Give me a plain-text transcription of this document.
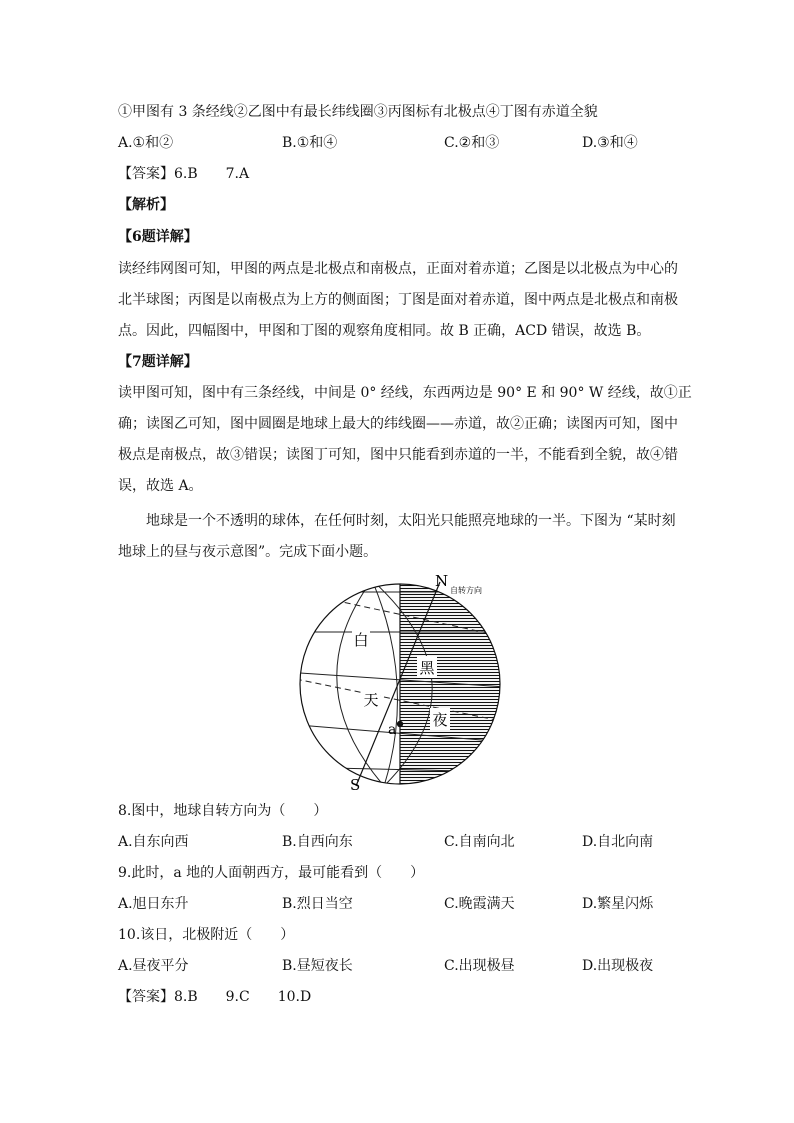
①甲图有 3 条经线②乙图中有最长纬线圈③丙图标有北极点④丁图有赤道全貌
A.①和②	B.①和④	C.②和③	D.③和④
【答案】6.B　　7.A
【解析】
【6题详解】
读经纬网图可知，甲图的两点是北极点和南极点，正面对着赤道；乙图是以北极点为中心的
北半球图；丙图是以南极点为上方的侧面图；丁图是面对着赤道，图中两点是北极点和南极
点。因此，四幅图中，甲图和丁图的观察角度相同。故 B 正确，ACD 错误，故选 B。
【7题详解】
读甲图可知，图中有三条经线，中间是 0° 经线，东西两边是 90° E 和 90° W 经线，故①正
确；读图乙可知，图中圆圈是地球上最大的纬线圈——赤道，故②正确；读图丙可知，图中
极点是南极点，故③错误；读图丁可知，图中只能看到赤道的一半，不能看到全貌，故④错
误，故选 A。
　　地球是一个不透明的球体，在任何时刻，太阳光只能照亮地球的一半。下图为 “某时刻
地球上的昼与夜示意图”。完成下面小题。
白
天
黑
夜
a
N
自转方向
S
8.图中，地球自转方向为（　　）
A.自东向西	B.自西向东	C.自南向北	D.自北向南
9.此时，a 地的人面朝西方，最可能看到（　　）
A.旭日东升	B.烈日当空	C.晚霞满天	D.繁星闪烁
10.该日，北极附近（　　）
A.昼夜平分	B.昼短夜长	C.出现极昼	D.出现极夜
【答案】8.B　　9.C　　10.D
